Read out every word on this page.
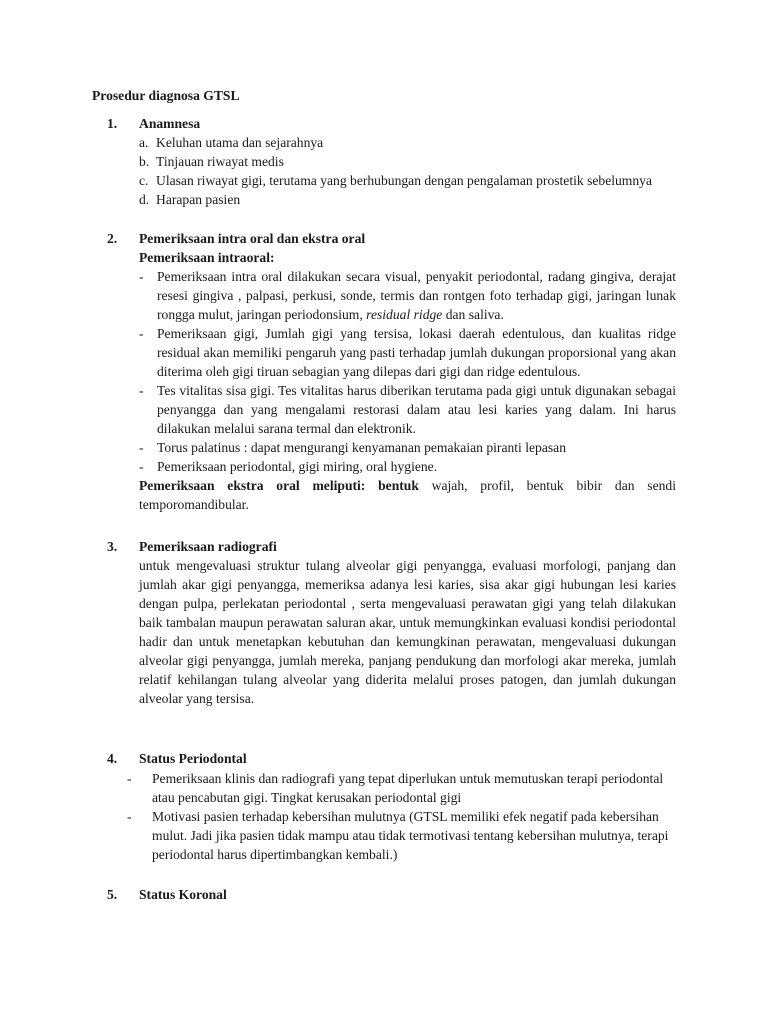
Prosedur diagnosa GTSL
1.	Anamnesa
a. Keluhan utama dan sejarahnya
b. Tinjauan riwayat medis
c. Ulasan riwayat gigi, terutama yang berhubungan dengan pengalaman prostetik sebelumnya
d. Harapan pasien
2.	Pemeriksaan intra oral dan ekstra oral
Pemeriksaan intraoral:
- Pemeriksaan intra oral dilakukan secara visual, penyakit periodontal, radang gingiva, derajat resesi gingiva , palpasi, perkusi, sonde, termis dan rontgen foto terhadap gigi, jaringan lunak rongga mulut, jaringan periodonsium, residual ridge dan saliva.
- Pemeriksaan gigi, Jumlah gigi yang tersisa, lokasi daerah edentulous, dan kualitas ridge residual akan memiliki pengaruh yang pasti terhadap jumlah dukungan proporsional yang akan diterima oleh gigi tiruan sebagian yang dilepas dari gigi dan ridge edentulous.
- Tes vitalitas sisa gigi. Tes vitalitas harus diberikan terutama pada gigi untuk digunakan sebagai penyangga dan yang mengalami restorasi dalam atau lesi karies yang dalam. Ini harus dilakukan melalui sarana termal dan elektronik.
- Torus palatinus : dapat mengurangi kenyamanan pemakaian piranti lepasan
- Pemeriksaan periodontal, gigi miring, oral hygiene.
Pemeriksaan ekstra oral meliputi: bentuk wajah, profil, bentuk bibir dan sendi temporomandibular.
3.	Pemeriksaan radiografi
untuk mengevaluasi struktur tulang alveolar gigi penyangga, evaluasi morfologi, panjang dan jumlah akar gigi penyangga, memeriksa adanya lesi karies, sisa akar gigi hubungan lesi karies dengan pulpa, perlekatan periodontal , serta mengevaluasi perawatan gigi yang telah dilakukan baik tambalan maupun perawatan saluran akar, untuk memungkinkan evaluasi kondisi periodontal hadir dan untuk menetapkan kebutuhan dan kemungkinan perawatan, mengevaluasi dukungan alveolar gigi penyangga, jumlah mereka, panjang pendukung dan morfologi akar mereka, jumlah relatif kehilangan tulang alveolar yang diderita melalui proses patogen, dan jumlah dukungan alveolar yang tersisa.
4.	Status Periodontal
-	Pemeriksaan klinis dan radiografi yang tepat diperlukan untuk memutuskan terapi periodontal atau pencabutan gigi. Tingkat kerusakan periodontal gigi
-	Motivasi pasien terhadap kebersihan mulutnya (GTSL memiliki efek negatif pada kebersihan mulut. Jadi jika pasien tidak mampu atau tidak termotivasi tentang kebersihan mulutnya, terapi periodontal harus dipertimbangkan kembali.)
5.	Status Koronal
